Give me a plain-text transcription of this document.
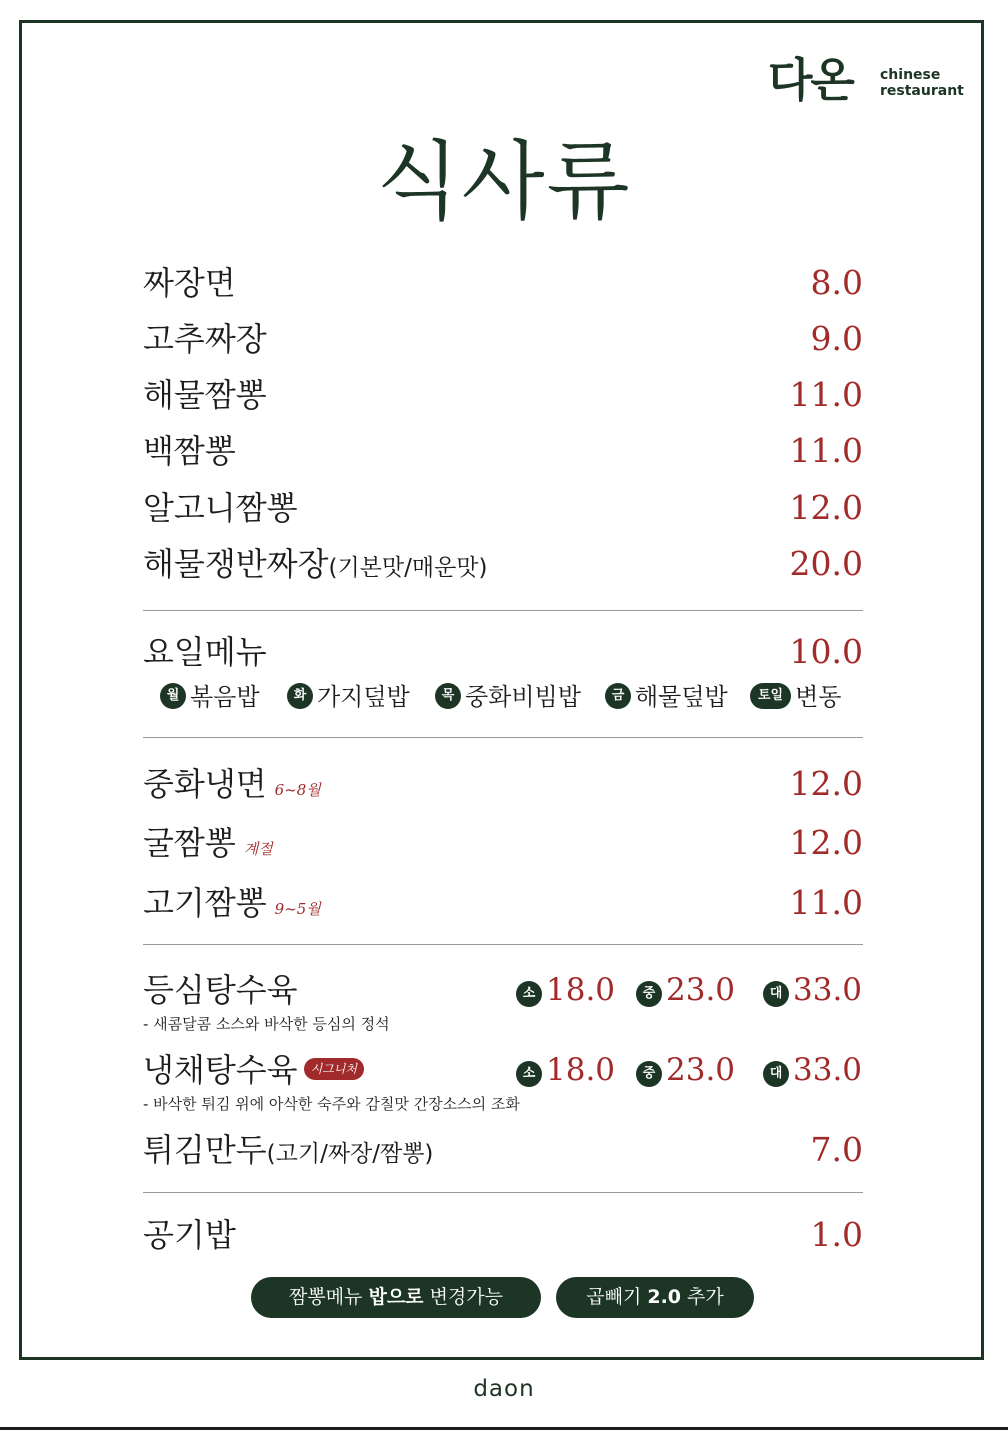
다온 chinese
restaurant
식사류
짜장면	8.0
고추짜장	9.0
해물짬뽕	11.0
백짬뽕	11.0
알고니짬뽕	12.0
해물쟁반짜장(기본맛/매운맛)	20.0
요일메뉴	10.0
월 볶음밥	화 가지덮밥	목 중화비빔밥	금 해물덮밥	토일 변동
중화냉면 6~8월	12.0
굴짬뽕 계절	12.0
고기짬뽕 9~5월	11.0
등심탕수육	소 18.0	중 23.0	대 33.0
- 새콤달콤 소스와 바삭한 등심의 정석
냉채탕수육 시그니처	소 18.0	중 23.0	대 33.0
- 바삭한 튀김 위에 아삭한 숙주와 감칠맛 간장소스의 조화
튀김만두(고기/짜장/짬뽕)	7.0
공기밥	1.0
짬뽕메뉴 밥으로 변경가능	곱빼기 2.0 추가
daon
